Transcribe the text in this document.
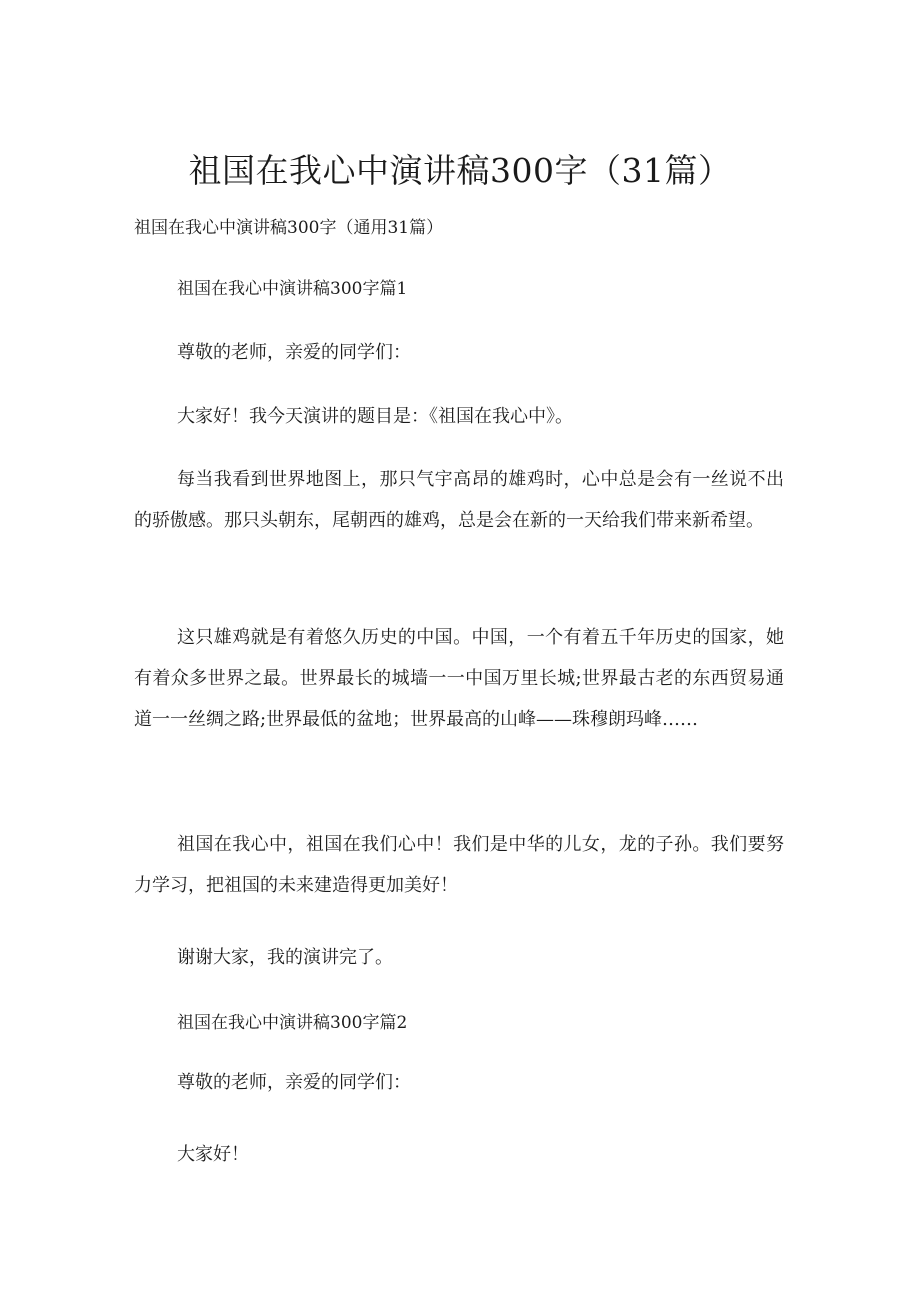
祖国在我心中演讲稿300字（31篇）

祖国在我心中演讲稿300字（通用31篇）

祖国在我心中演讲稿300字篇1

尊敬的老师，亲爱的同学们：

大家好！我今天演讲的题目是：《祖国在我心中》。

每当我看到世界地图上，那只气宇高昂的雄鸡时，心中总是会有一丝说不出的骄傲感。那只头朝东，尾朝西的雄鸡，总是会在新的一天给我们带来新希望。

这只雄鸡就是有着悠久历史的中国。中国，一个有着五千年历史的国家，她有着众多世界之最。世界最长的城墙一一中国万里长城;世界最古老的东西贸易通道一一丝绸之路;世界最低的盆地；世界最高的山峰——珠穆朗玛峰……

祖国在我心中，祖国在我们心中！我们是中华的儿女，龙的子孙。我们要努力学习，把祖国的未来建造得更加美好！

谢谢大家，我的演讲完了。

祖国在我心中演讲稿300字篇2

尊敬的老师，亲爱的同学们：

大家好！
